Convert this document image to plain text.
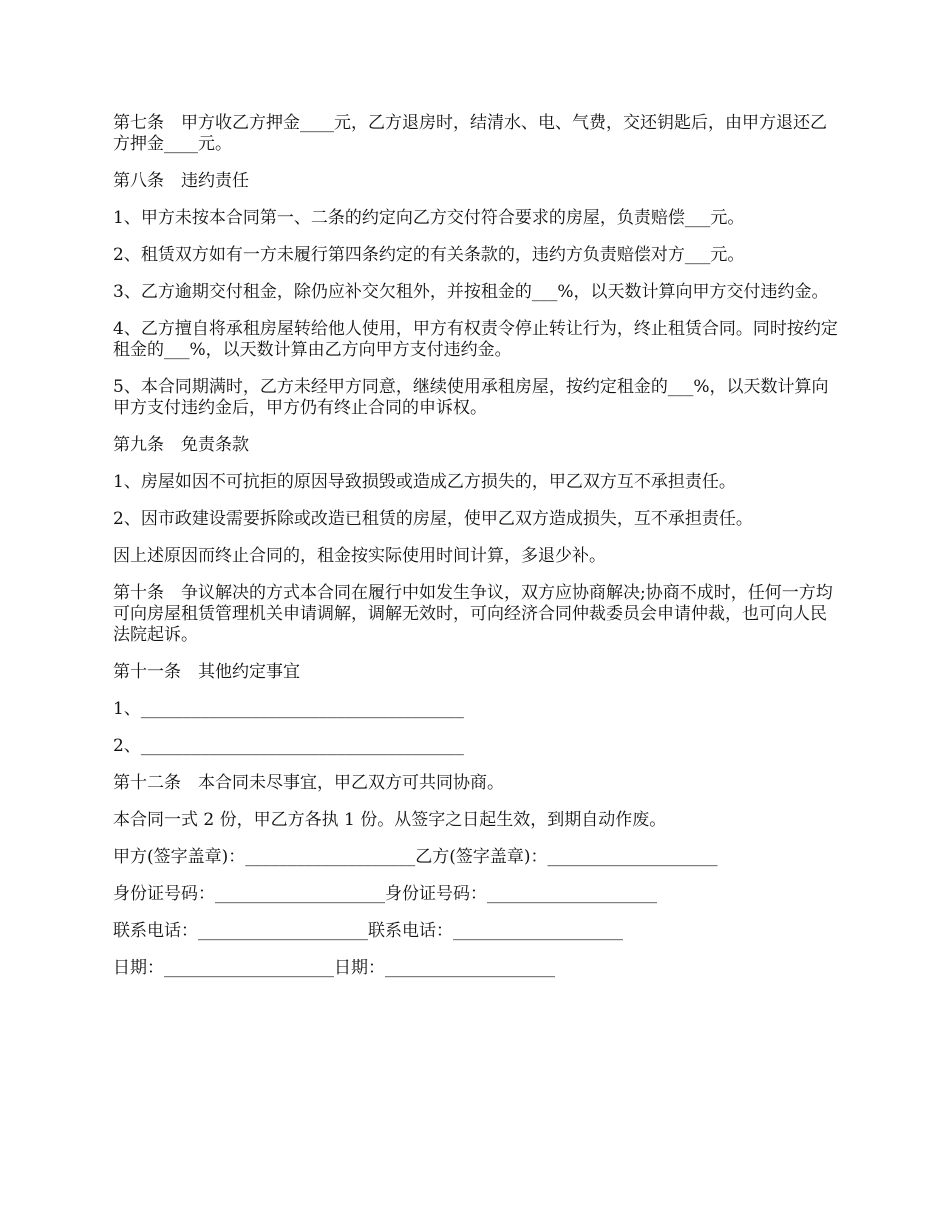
第七条　甲方收乙方押金____元，乙方退房时，结清水、电、气费，交还钥匙后，由甲方退还乙方押金____元。

第八条　违约责任

1、甲方未按本合同第一、二条的约定向乙方交付符合要求的房屋，负责赔偿___元。

2、租赁双方如有一方未履行第四条约定的有关条款的，违约方负责赔偿对方___元。

3、乙方逾期交付租金，除仍应补交欠租外，并按租金的___%，以天数计算向甲方交付违约金。

4、乙方擅自将承租房屋转给他人使用，甲方有权责令停止转让行为，终止租赁合同。同时按约定租金的___%，以天数计算由乙方向甲方支付违约金。

5、本合同期满时，乙方未经甲方同意，继续使用承租房屋，按约定租金的___%，以天数计算向甲方支付违约金后，甲方仍有终止合同的申诉权。

第九条　免责条款

1、房屋如因不可抗拒的原因导致损毁或造成乙方损失的，甲乙双方互不承担责任。

2、因市政建设需要拆除或改造已租赁的房屋，使甲乙双方造成损失，互不承担责任。

因上述原因而终止合同的，租金按实际使用时间计算，多退少补。

第十条　争议解决的方式本合同在履行中如发生争议，双方应协商解决;协商不成时，任何一方均可向房屋租赁管理机关申请调解，调解无效时，可向经济合同仲裁委员会申请仲裁，也可向人民法院起诉。

第十一条　其他约定事宜

1、______________________________________

2、______________________________________

第十二条　本合同未尽事宜，甲乙双方可共同协商。

本合同一式 2 份，甲乙方各执 1 份。从签字之日起生效，到期自动作废。

甲方(签字盖章)：____________________乙方(签字盖章)：____________________

身份证号码：____________________身份证号码：____________________

联系电话：____________________联系电话：____________________

日期：____________________日期：____________________
